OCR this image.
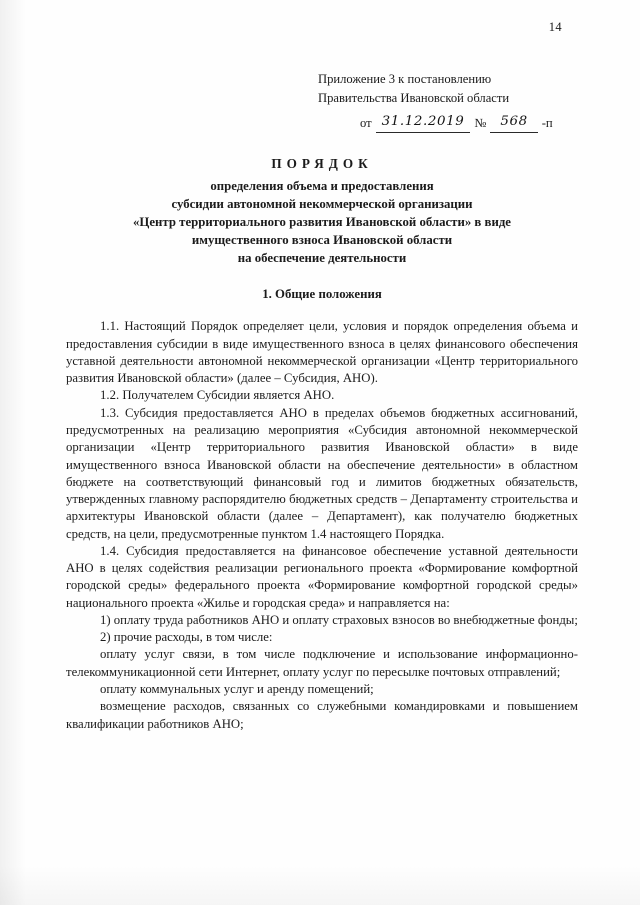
14
Приложение 3 к постановлению
Правительства Ивановской области
от 31.12.2019 №	568	-п
ПОРЯДОК
определения объема и предоставления
субсидии автономной некоммерческой организации
«Центр территориального развития Ивановской области» в виде
имущественного взноса Ивановской области
на обеспечение деятельности
1. Общие положения

1.1. Настоящий Порядок определяет цели, условия и порядок определения объема и предоставления субсидии в виде имущественного взноса в целях финансового обеспечения уставной деятельности автономной некоммерческой организации «Центр территориального развития Ивановской области» (далее – Субсидия, АНО).

1.2. Получателем Субсидии является АНО.

1.3. Субсидия предоставляется АНО в пределах объемов бюджетных ассигнований, предусмотренных на реализацию мероприятия «Субсидия автономной некоммерческой организации «Центр территориального развития Ивановской области» в виде имущественного взноса Ивановской области на обеспечение деятельности» в областном бюджете на соответствующий финансовый год и лимитов бюджетных обязательств, утвержденных главному распорядителю бюджетных средств – Департаменту строительства и архитектуры Ивановской области (далее – Департамент), как получателю бюджетных средств, на цели, предусмотренные пунктом 1.4 настоящего Порядка.

1.4. Субсидия предоставляется на финансовое обеспечение уставной деятельности АНО в целях содействия реализации регионального проекта «Формирование комфортной городской среды» федерального проекта «Формирование комфортной городской среды» национального проекта «Жилье и городская среда» и направляется на:

1) оплату труда работников АНО и оплату страховых взносов во внебюджетные фонды;

2) прочие расходы, в том числе:

оплату услуг связи, в том числе подключение и использование информационно-телекоммуникационной сети Интернет, оплату услуг по пересылке почтовых отправлений;

оплату коммунальных услуг и аренду помещений;

возмещение расходов, связанных со служебными командировками и повышением квалификации работников АНО;
